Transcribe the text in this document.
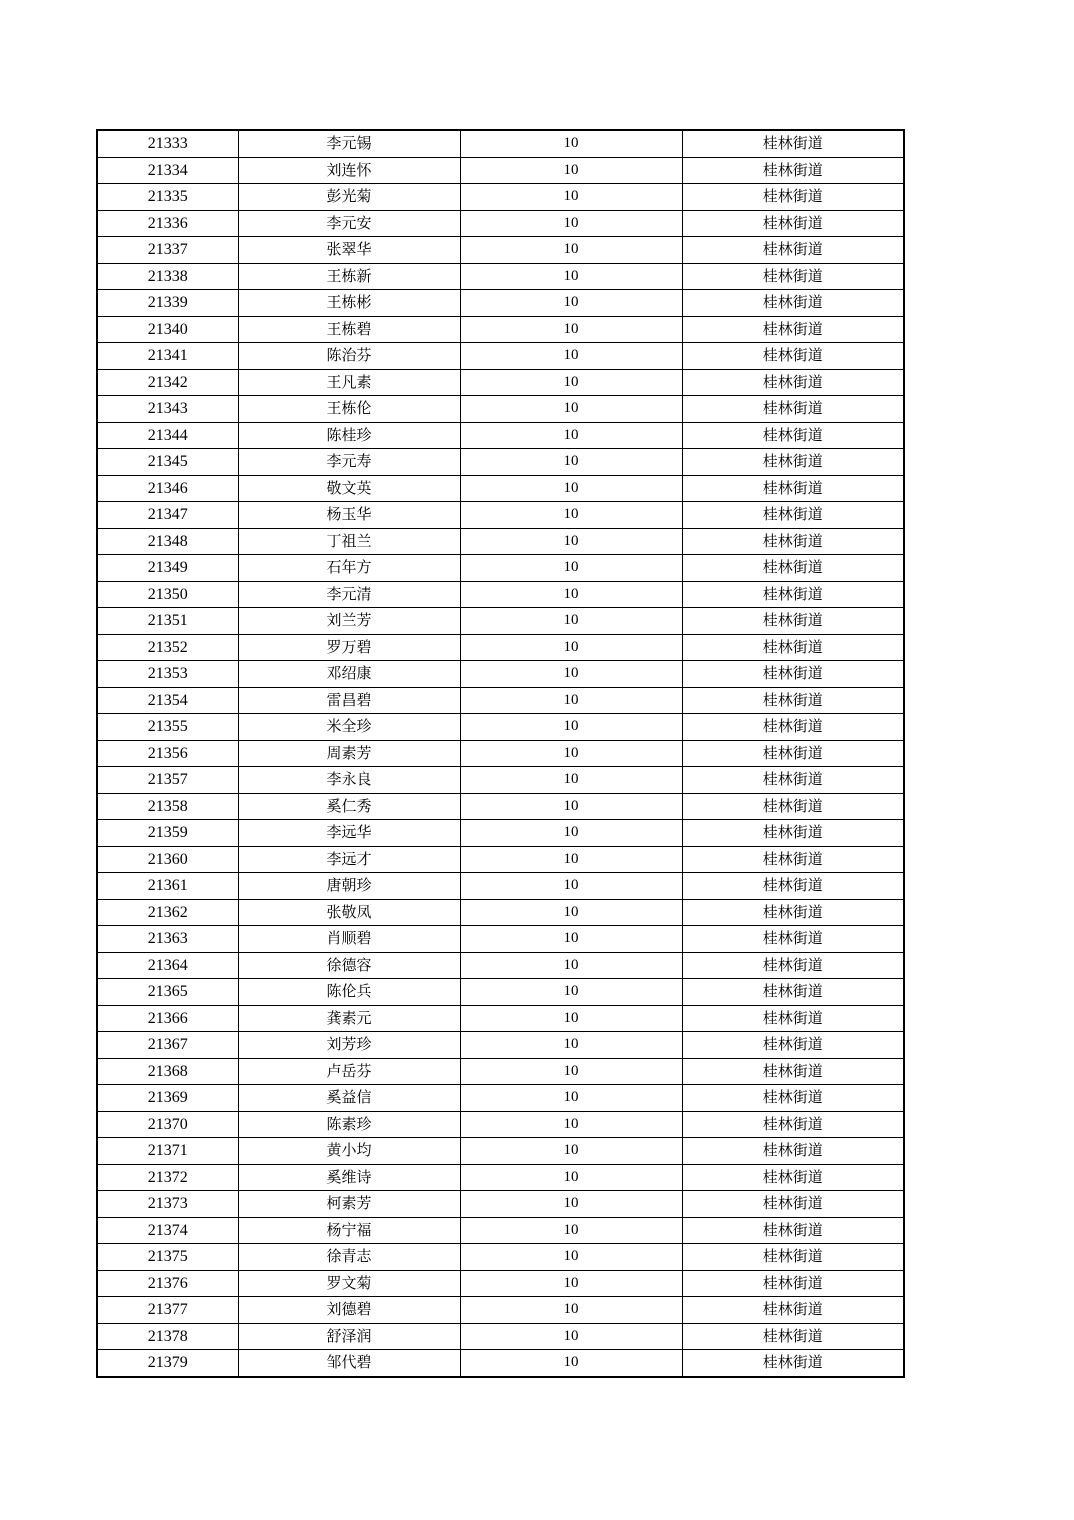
21333	李元锡	10	桂林街道
21334	刘连怀	10	桂林街道
21335	彭光菊	10	桂林街道
21336	李元安	10	桂林街道
21337	张翠华	10	桂林街道
21338	王栋新	10	桂林街道
21339	王栋彬	10	桂林街道
21340	王栋碧	10	桂林街道
21341	陈治芬	10	桂林街道
21342	王凡素	10	桂林街道
21343	王栋伦	10	桂林街道
21344	陈桂珍	10	桂林街道
21345	李元寿	10	桂林街道
21346	敬文英	10	桂林街道
21347	杨玉华	10	桂林街道
21348	丁祖兰	10	桂林街道
21349	石年方	10	桂林街道
21350	李元清	10	桂林街道
21351	刘兰芳	10	桂林街道
21352	罗万碧	10	桂林街道
21353	邓绍康	10	桂林街道
21354	雷昌碧	10	桂林街道
21355	米全珍	10	桂林街道
21356	周素芳	10	桂林街道
21357	李永良	10	桂林街道
21358	奚仁秀	10	桂林街道
21359	李远华	10	桂林街道
21360	李远才	10	桂林街道
21361	唐朝珍	10	桂林街道
21362	张敬凤	10	桂林街道
21363	肖顺碧	10	桂林街道
21364	徐德容	10	桂林街道
21365	陈伦兵	10	桂林街道
21366	龚素元	10	桂林街道
21367	刘芳珍	10	桂林街道
21368	卢岳芬	10	桂林街道
21369	奚益信	10	桂林街道
21370	陈素珍	10	桂林街道
21371	黄小均	10	桂林街道
21372	奚维诗	10	桂林街道
21373	柯素芳	10	桂林街道
21374	杨宁福	10	桂林街道
21375	徐青志	10	桂林街道
21376	罗文菊	10	桂林街道
21377	刘德碧	10	桂林街道
21378	舒泽润	10	桂林街道
21379	邹代碧	10	桂林街道
